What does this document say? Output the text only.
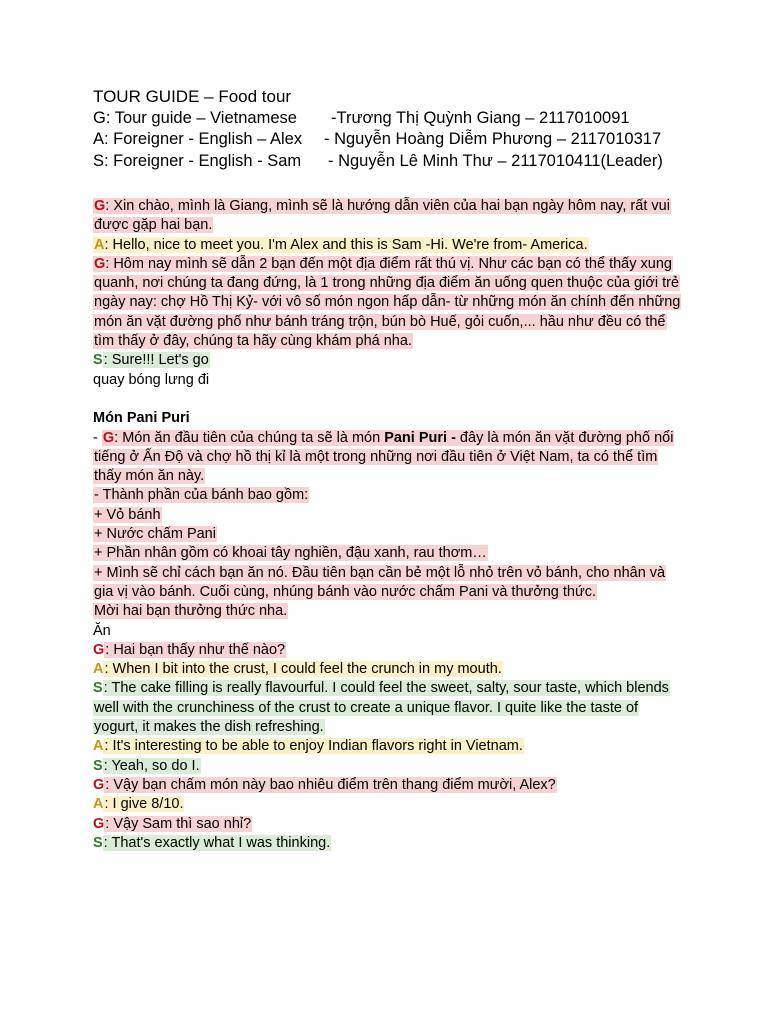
TOUR GUIDE – Food tour
G: Tour guide – Vietnamese	-Trương Thị Quỳnh Giang – 2117010091
A: Foreigner - English – Alex	- Nguyễn Hoàng Diễm Phương – 2117010317
S: Foreigner - English - Sam	- Nguyễn Lê Minh Thư – 2117010411(Leader)
G: Xin chào, mình là Giang, mình sẽ là hướng dẫn viên của hai bạn ngày hôm nay, rất vui được gặp hai bạn.
A: Hello, nice to meet you. I'm Alex and this is Sam -Hi. We're from- America.
G: Hôm nay mình sẽ dẫn 2 bạn đến một địa điểm rất thú vị. Như các bạn có thể thấy xung quanh, nơi chúng ta đang đứng, là 1 trong những địa điểm ăn uống quen thuộc của giới trẻ ngày nay: chợ Hồ Thị Kỷ- với vô số món ngon hấp dẫn- từ những món ăn chính đến những món ăn vặt đường phố như bánh tráng trộn, bún bò Huế, gỏi cuốn,... hầu như đều có thể tìm thấy ở đây, chúng ta hãy cùng khám phá nha.
S: Sure!!! Let's go
quay bóng lưng đi
Món Pani Puri
- G: Món ăn đầu tiên của chúng ta sẽ là món Pani Puri - đây là món ăn vặt đường phố nổi tiếng ở Ấn Độ và chợ hồ thị kỉ là một trong những nơi đầu tiên ở Việt Nam, ta có thể tìm thấy món ăn này.
- Thành phần của bánh bao gồm:
+ Vỏ bánh
+ Nước chấm Pani
+ Phần nhân gồm có khoai tây nghiền, đậu xanh, rau thơm…
+ Mình sẽ chỉ cách bạn ăn nó. Đầu tiên bạn cần bẻ một lỗ nhỏ trên vỏ bánh, cho nhân và gia vị vào bánh. Cuối cùng, nhúng bánh vào nước chấm Pani và thưởng thức.
Mời hai bạn thưởng thức nha.
Ăn
G: Hai bạn thấy như thế nào?
A: When I bit into the crust, I could feel the crunch in my mouth.
S: The cake filling is really flavourful. I could feel the sweet, salty, sour taste, which blends well with the crunchiness of the crust to create a unique flavor. I quite like the taste of yogurt, it makes the dish refreshing.
A: It's interesting to be able to enjoy Indian flavors right in Vietnam.
S: Yeah, so do I.
G: Vậy bạn chấm món này bao nhiêu điểm trên thang điểm mười, Alex?
A: I give 8/10.
G: Vậy Sam thì sao nhỉ?
S: That's exactly what I was thinking.
